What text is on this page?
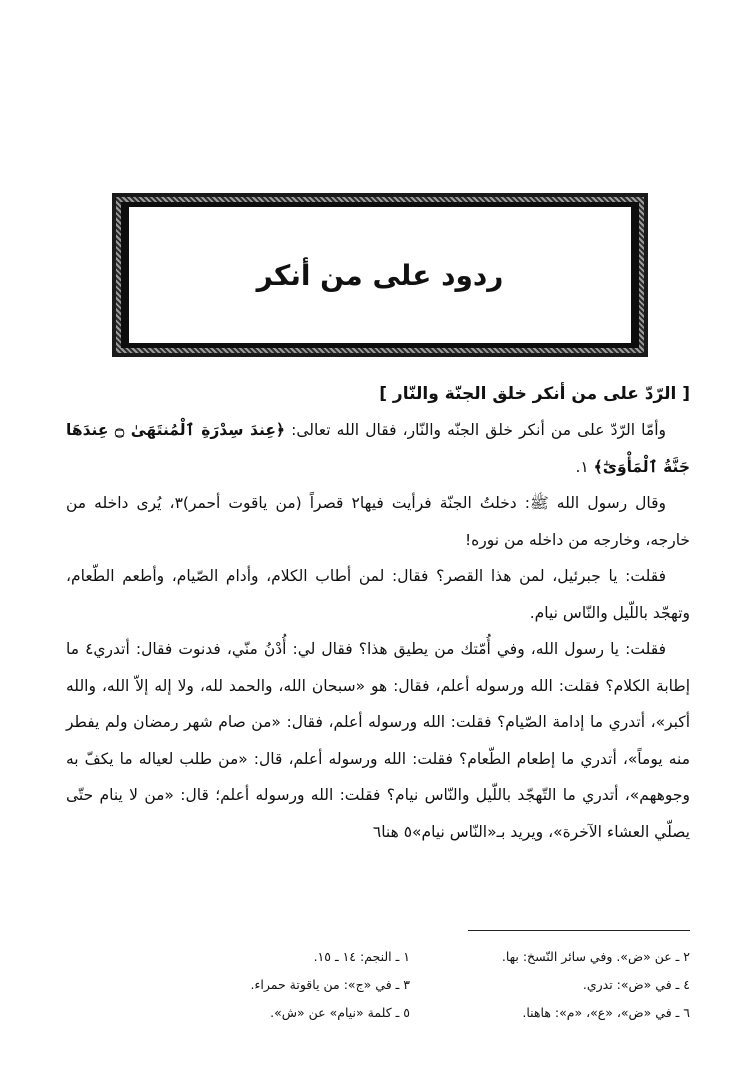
ردود على من أنكر

[ الرّدّ على من أنكر خلق الجنّة والنّار ]

وأمّا الرّدّ على من أنكر خلق الجنّه والنّار، فقال الله تعالى: ﴿عِندَ سِدْرَةِ ٱلْمُنتَهَىٰ ۝ عِندَهَا جَنَّةُ ٱلْمَأْوَىٰٓ﴾ ١.

وقال رسول الله ﷺ: دخلتُ الجنّة فرأيت فيها٢ قصراً (من ياقوت أحمر)٣، يُرى داخله من خارجه، وخارجه من داخله من نوره!

فقلت: يا جبرئيل، لمن هذا القصر؟ فقال: لمن أطاب الكلام، وأدام الصّيام، وأطعم الطّعام، وتهجّد باللّيل والنّاس نيام.

فقلت: يا رسول الله، وفي أُمّتك من يطيق هذا؟ فقال لي: أُدْنُ منّي، فدنوت فقال: أتدري٤ ما إطابة الكلام؟ فقلت: الله ورسوله أعلم، فقال: هو «سبحان الله، والحمد لله، ولا إله إلاّ الله، والله أكبر»، أتدري ما إدامة الصّيام؟ فقلت: الله ورسوله أعلم، فقال: «من صام شهر رمضان ولم يفطر منه يوماً»، أتدري ما إطعام الطّعام؟ فقلت: الله ورسوله أعلم، قال: «من طلب لعياله ما يكفّ به وجوههم»، أتدري ما التّهجّد باللّيل والنّاس نيام؟ فقلت: الله ورسوله أعلم؛ قال: «من لا ينام حتّى يصلّي العشاء الآخرة»، ويريد بـ«النّاس نيام»٥ هنا٦

١ ـ النجم: ١٤ ـ ١٥.	٢ ـ عن «ض». وفي سائر النّسخ: بها.
٣ ـ في «ج»: من ياقوتة حمراء.	٤ ـ في «ض»: تدري.
٥ ـ كلمة «نيام» عن «ش».	٦ ـ في «ض»، «ع»، «م»: هاهنا.
